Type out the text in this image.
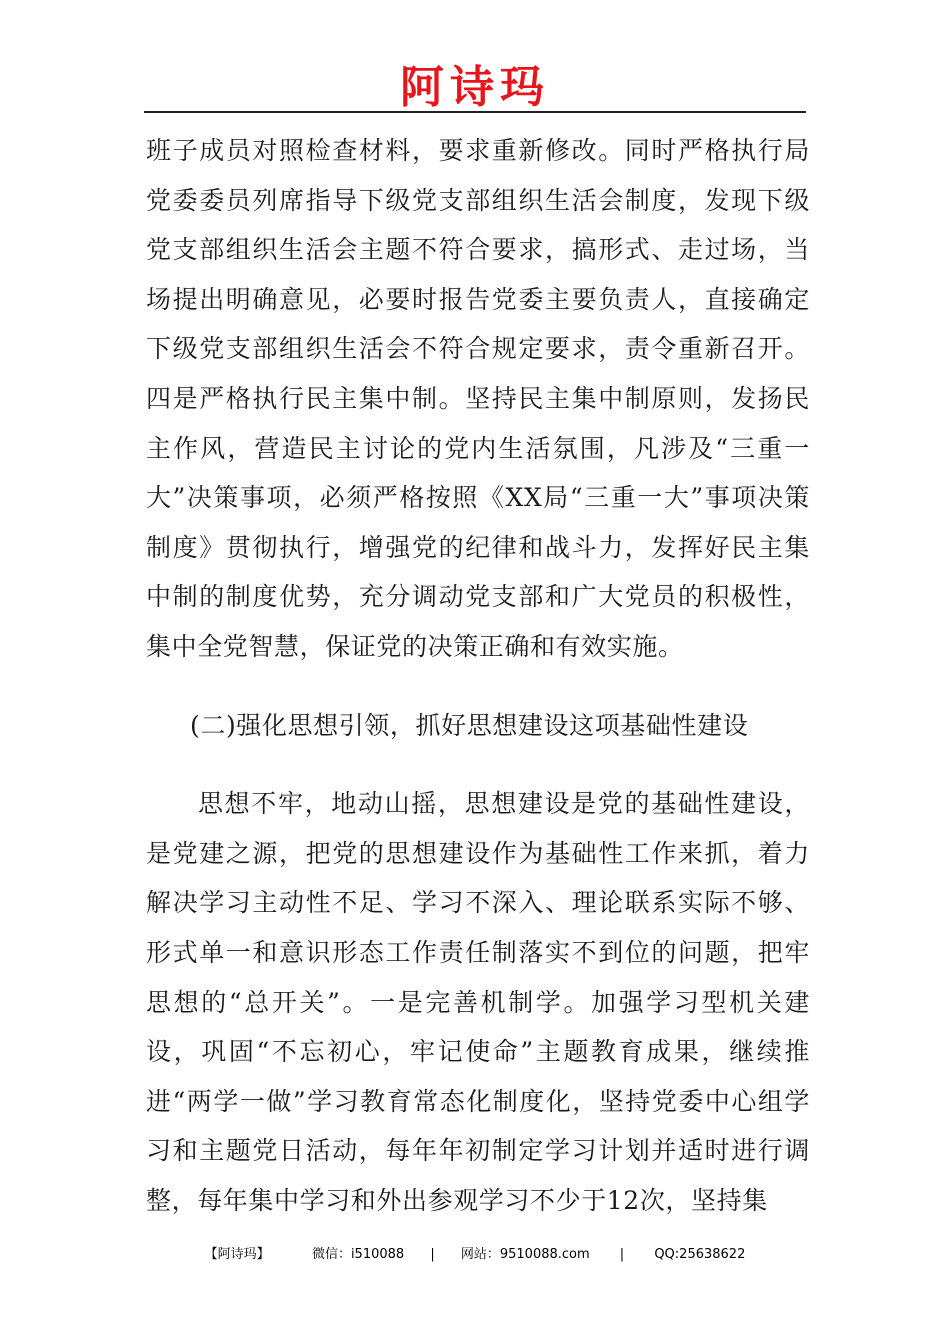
阿诗玛

班子成员对照检查材料，要求重新修改。同时严格执行局党委委员列席指导下级党支部组织生活会制度，发现下级党支部组织生活会主题不符合要求，搞形式、走过场，当场提出明确意见，必要时报告党委主要负责人，直接确定下级党支部组织生活会不符合规定要求，责令重新召开。四是严格执行民主集中制。坚持民主集中制原则，发扬民主作风，营造民主讨论的党内生活氛围，凡涉及“三重一大”决策事项，必须严格按照《XX局“三重一大”事项决策制度》贯彻执行，增强党的纪律和战斗力，发挥好民主集中制的制度优势，充分调动党支部和广大党员的积极性，集中全党智慧，保证党的决策正确和有效实施。

(二)强化思想引领，抓好思想建设这项基础性建设

思想不牢，地动山摇，思想建设是党的基础性建设，是党建之源，把党的思想建设作为基础性工作来抓，着力解决学习主动性不足、学习不深入、理论联系实际不够、形式单一和意识形态工作责任制落实不到位的问题，把牢思想的“总开关”。一是完善机制学。加强学习型机关建设，巩固“不忘初心，牢记使命”主题教育成果，继续推进“两学一做”学习教育常态化制度化，坚持党委中心组学习和主题党日活动，每年年初制定学习计划并适时进行调整，每年集中学习和外出参观学习不少于12次，坚持集

【阿诗玛】	微信：i510088 | 网站：9510088.com | QQ:25638622
